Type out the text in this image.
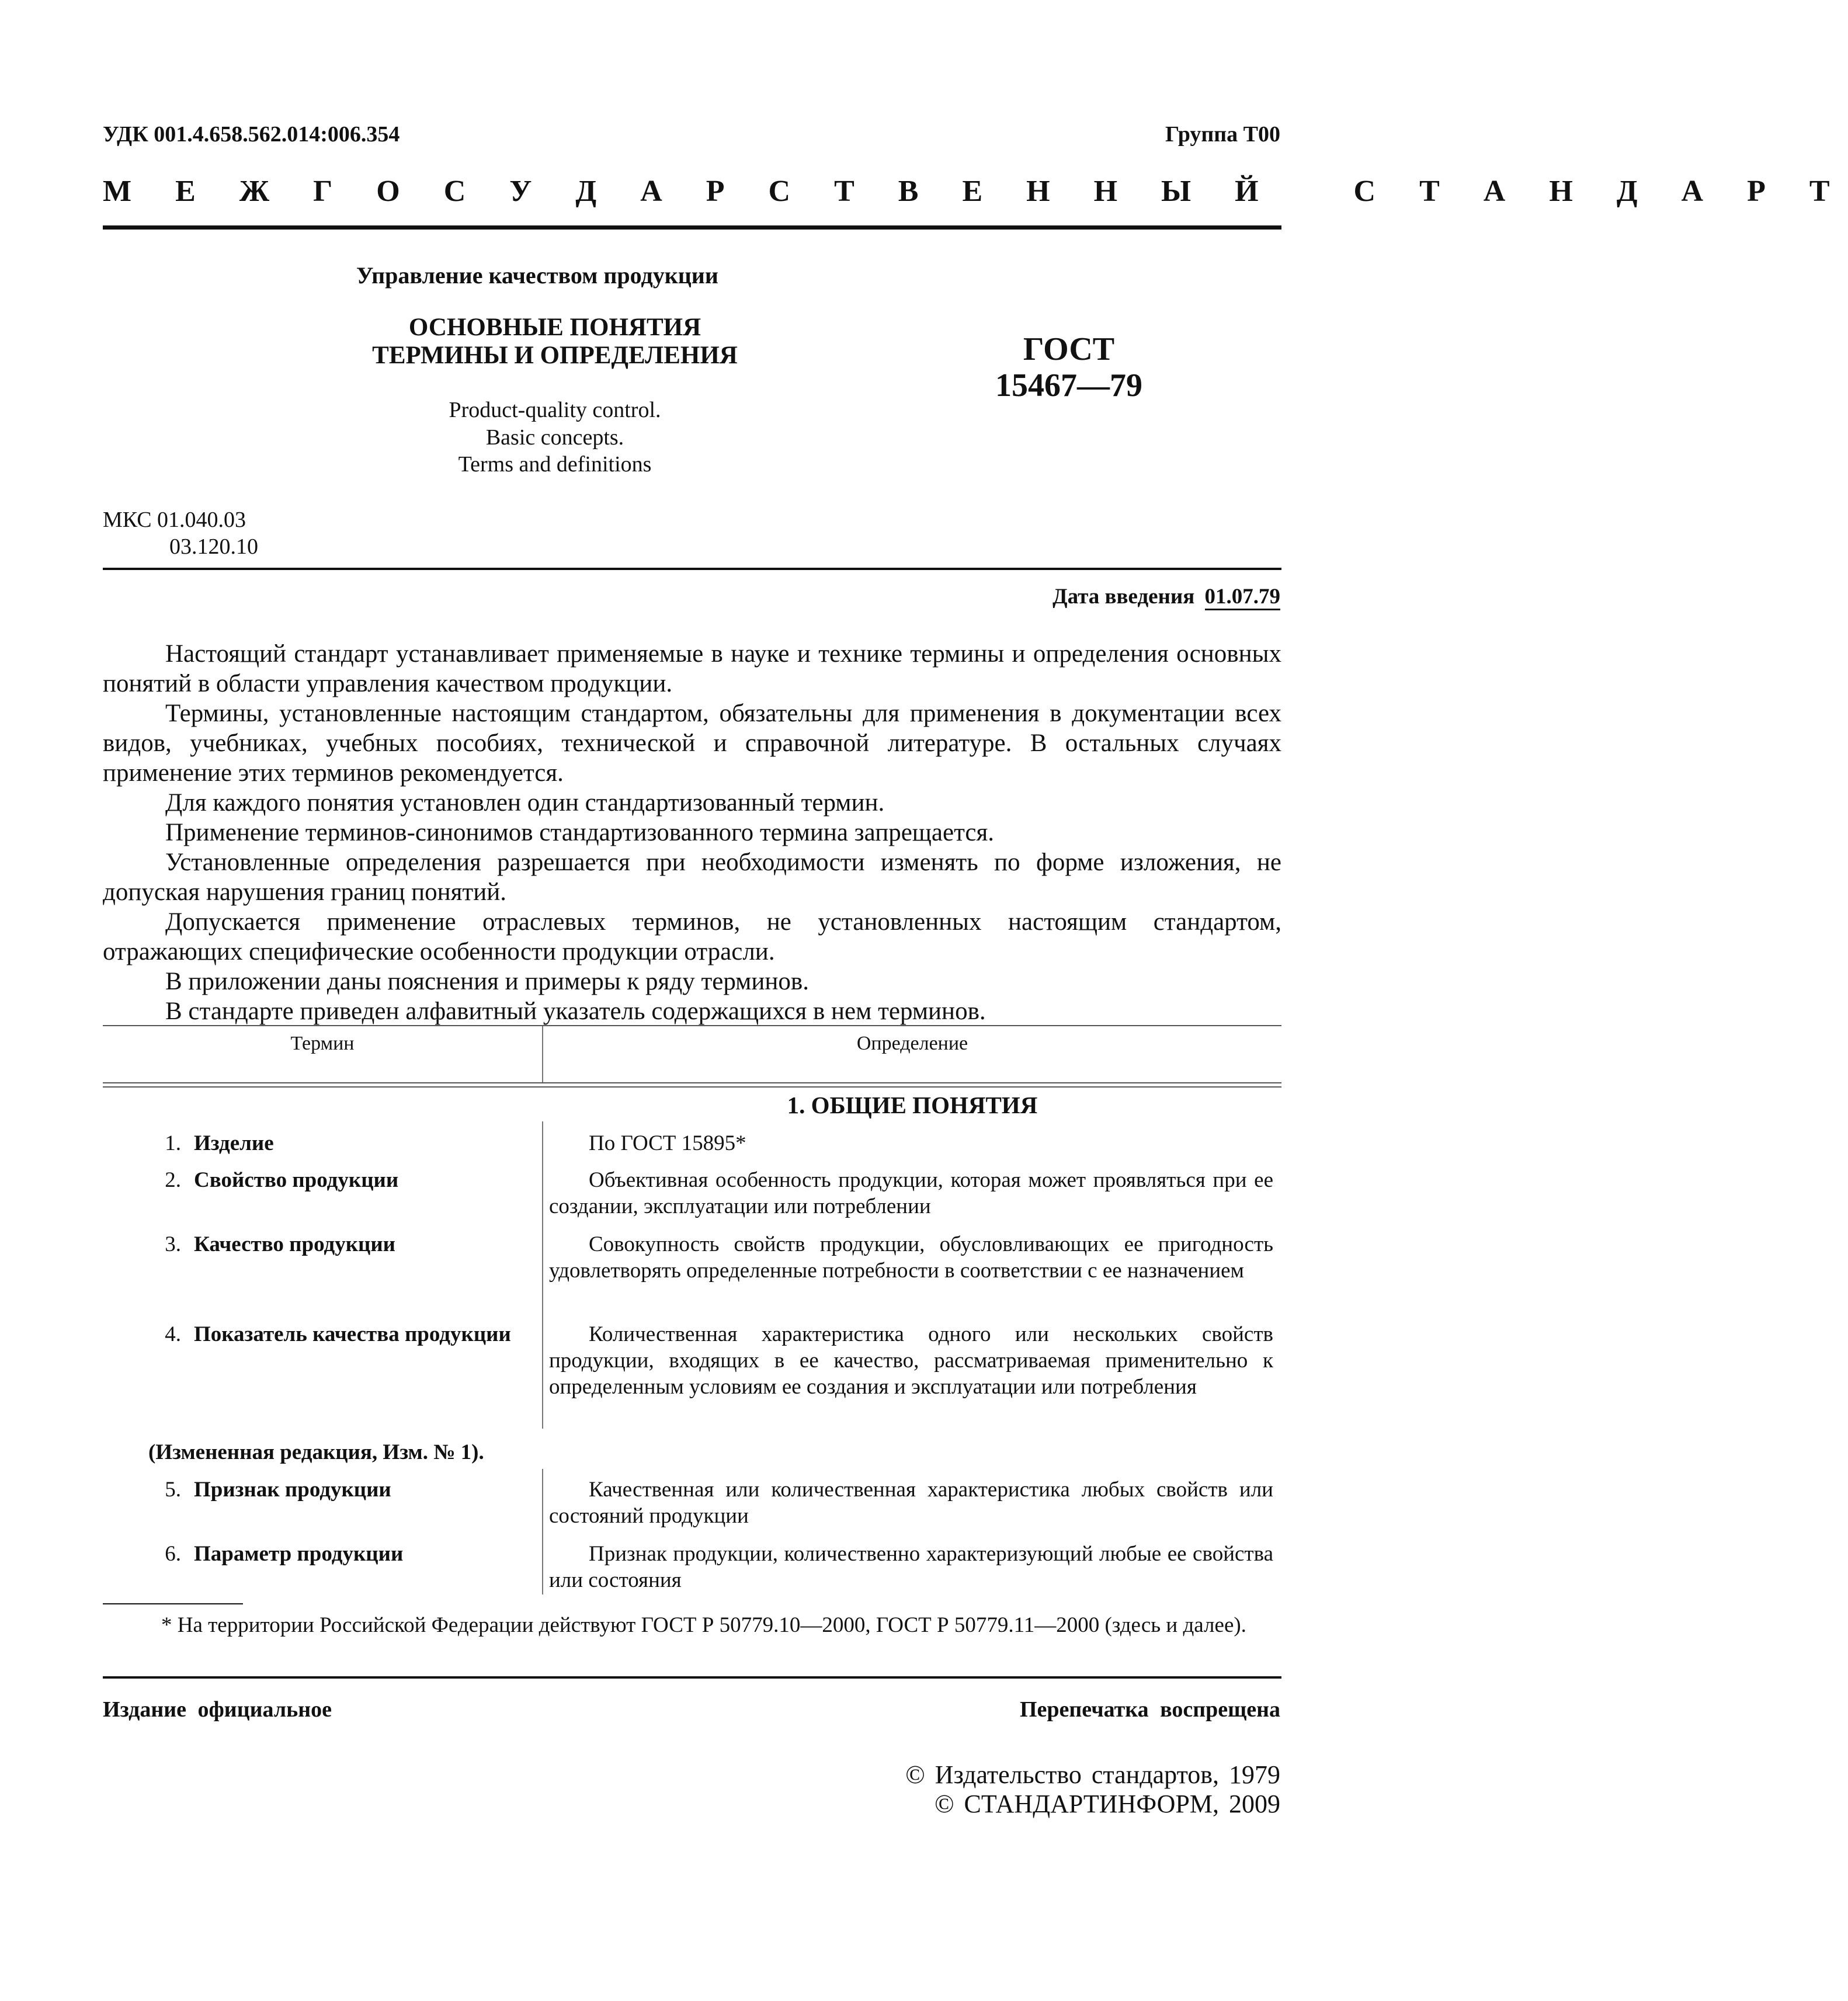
УДК 001.4.658.562.014:006.354	Группа Т00
М Е Ж Г О С У Д А Р С Т В Е Н Н Ы Й   С Т А Н Д А Р Т
Управление качеством продукции
ОСНОВНЫЕ ПОНЯТИЯ
ТЕРМИНЫ И ОПРЕДЕЛЕНИЯ
Product-quality control.
Basic concepts.
Terms and definitions
ГОСТ
15467—79
МКС 01.040.03
03.120.10
Дата введения 01.07.79

Настоящий стандарт устанавливает применяемые в науке и технике термины и определения основных понятий в области управления качеством продукции.

Термины, установленные настоящим стандартом, обязательны для применения в документации всех видов, учебниках, учебных пособиях, технической и справочной литературе. В остальных случаях применение этих терминов рекомендуется.

Для каждого понятия установлен один стандартизованный термин.

Применение терминов-синонимов стандартизованного термина запрещается.

Установленные определения разрешается при необходимости изменять по форме изложения, не допуская нарушения границ понятий.

Допускается применение отраслевых терминов, не установленных настоящим стандартом, отражающих специфические особенности продукции отрасли.

В приложении даны пояснения и примеры к ряду терминов.

В стандарте приведен алфавитный указатель содержащихся в нем терминов.

Термин	Определение
1. ОБЩИЕ ПОНЯТИЯ
1. Изделие	По ГОСТ 15895*
2. Свойство продукции	Объективная особенность продукции, которая может проявляться при ее создании, эксплуатации или потреблении
3. Качество продукции	Совокупность свойств продукции, обусловливающих ее пригодность удовлетворять определенные потребности в соответствии с ее назначением
4. Показатель качества продукции	Количественная характеристика одного или нескольких свойств продукции, входящих в ее качество, рассматриваемая применительно к определенным условиям ее создания и эксплуатации или потребления
(Измененная редакция, Изм. № 1).
5. Признак продукции	Качественная или количественная характеристика любых свойств или состояний продукции
6. Параметр продукции	Признак продукции, количественно характеризующий любые ее свойства или состояния
* На территории Российской Федерации действуют ГОСТ Р 50779.10—2000, ГОСТ Р 50779.11—2000 (здесь и далее).
Издание официальное	Перепечатка воспрещена
© Издательство стандартов, 1979
© СТАНДАРТИНФОРМ, 2009
